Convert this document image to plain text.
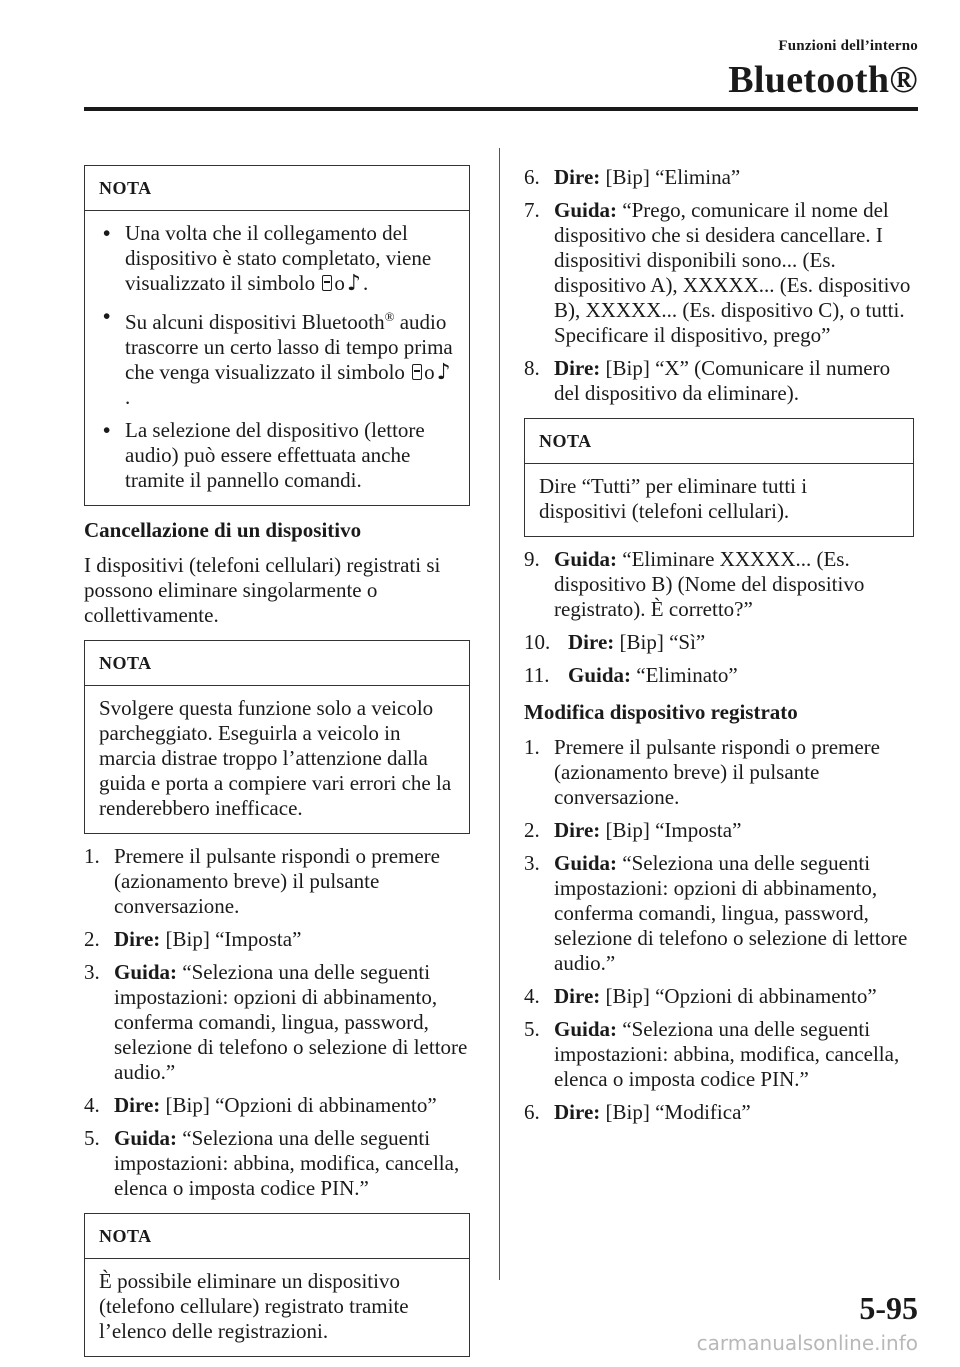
Funzioni dell’interno
Bluetooth®
NOTA
• Una volta che il collegamento del dispositivo è stato completato, viene visualizzato il simbolo o♪.
• Su alcuni dispositivi Bluetooth® audio trascorre un certo lasso di tempo prima che venga visualizzato il simbolo o♪.
• La selezione del dispositivo (lettore audio) può essere effettuata anche tramite il pannello comandi.
Cancellazione di un dispositivo

I dispositivi (telefoni cellulari) registrati si possono eliminare singolarmente o collettivamente.

NOTA

Svolgere questa funzione solo a veicolo parcheggiato. Eseguirla a veicolo in marcia distrae troppo l’attenzione dalla guida e porta a compiere vari errori che la renderebbero inefficace.

1. Premere il pulsante rispondi o premere (azionamento breve) il pulsante conversazione.
2. Dire: [Bip] “Imposta”
3. Guida: “Seleziona una delle seguenti impostazioni: opzioni di abbinamento, conferma comandi, lingua, password, selezione di telefono o selezione di lettore audio.”
4. Dire: [Bip] “Opzioni di abbinamento”
5. Guida: “Seleziona una delle seguenti impostazioni: abbina, modifica, cancella, elenca o imposta codice PIN.”
NOTA

È possibile eliminare un dispositivo (telefono cellulare) registrato tramite l’elenco delle registrazioni.

6. Dire: [Bip] “Elimina”
7. Guida: “Prego, comunicare il nome del dispositivo che si desidera cancellare. I dispositivi disponibili sono... (Es. dispositivo A), XXXXX... (Es. dispositivo B), XXXXX... (Es. dispositivo C), o tutti. Specificare il dispositivo, prego”
8. Dire: [Bip] “X” (Comunicare il numero del dispositivo da eliminare).
NOTA

Dire “Tutti” per eliminare tutti i dispositivi (telefoni cellulari).

9. Guida: “Eliminare XXXXX... (Es. dispositivo B) (Nome del dispositivo registrato). È corretto?”
10. Dire: [Bip] “Sì”
11. Guida: “Eliminato”
Modifica dispositivo registrato
1. Premere il pulsante rispondi o premere (azionamento breve) il pulsante conversazione.
2. Dire: [Bip] “Imposta”
3. Guida: “Seleziona una delle seguenti impostazioni: opzioni di abbinamento, conferma comandi, lingua, password, selezione di telefono o selezione di lettore audio.”
4. Dire: [Bip] “Opzioni di abbinamento”
5. Guida: “Seleziona una delle seguenti impostazioni: abbina, modifica, cancella, elenca o imposta codice PIN.”
6. Dire: [Bip] “Modifica”
5-95
carmanualsonline.info
